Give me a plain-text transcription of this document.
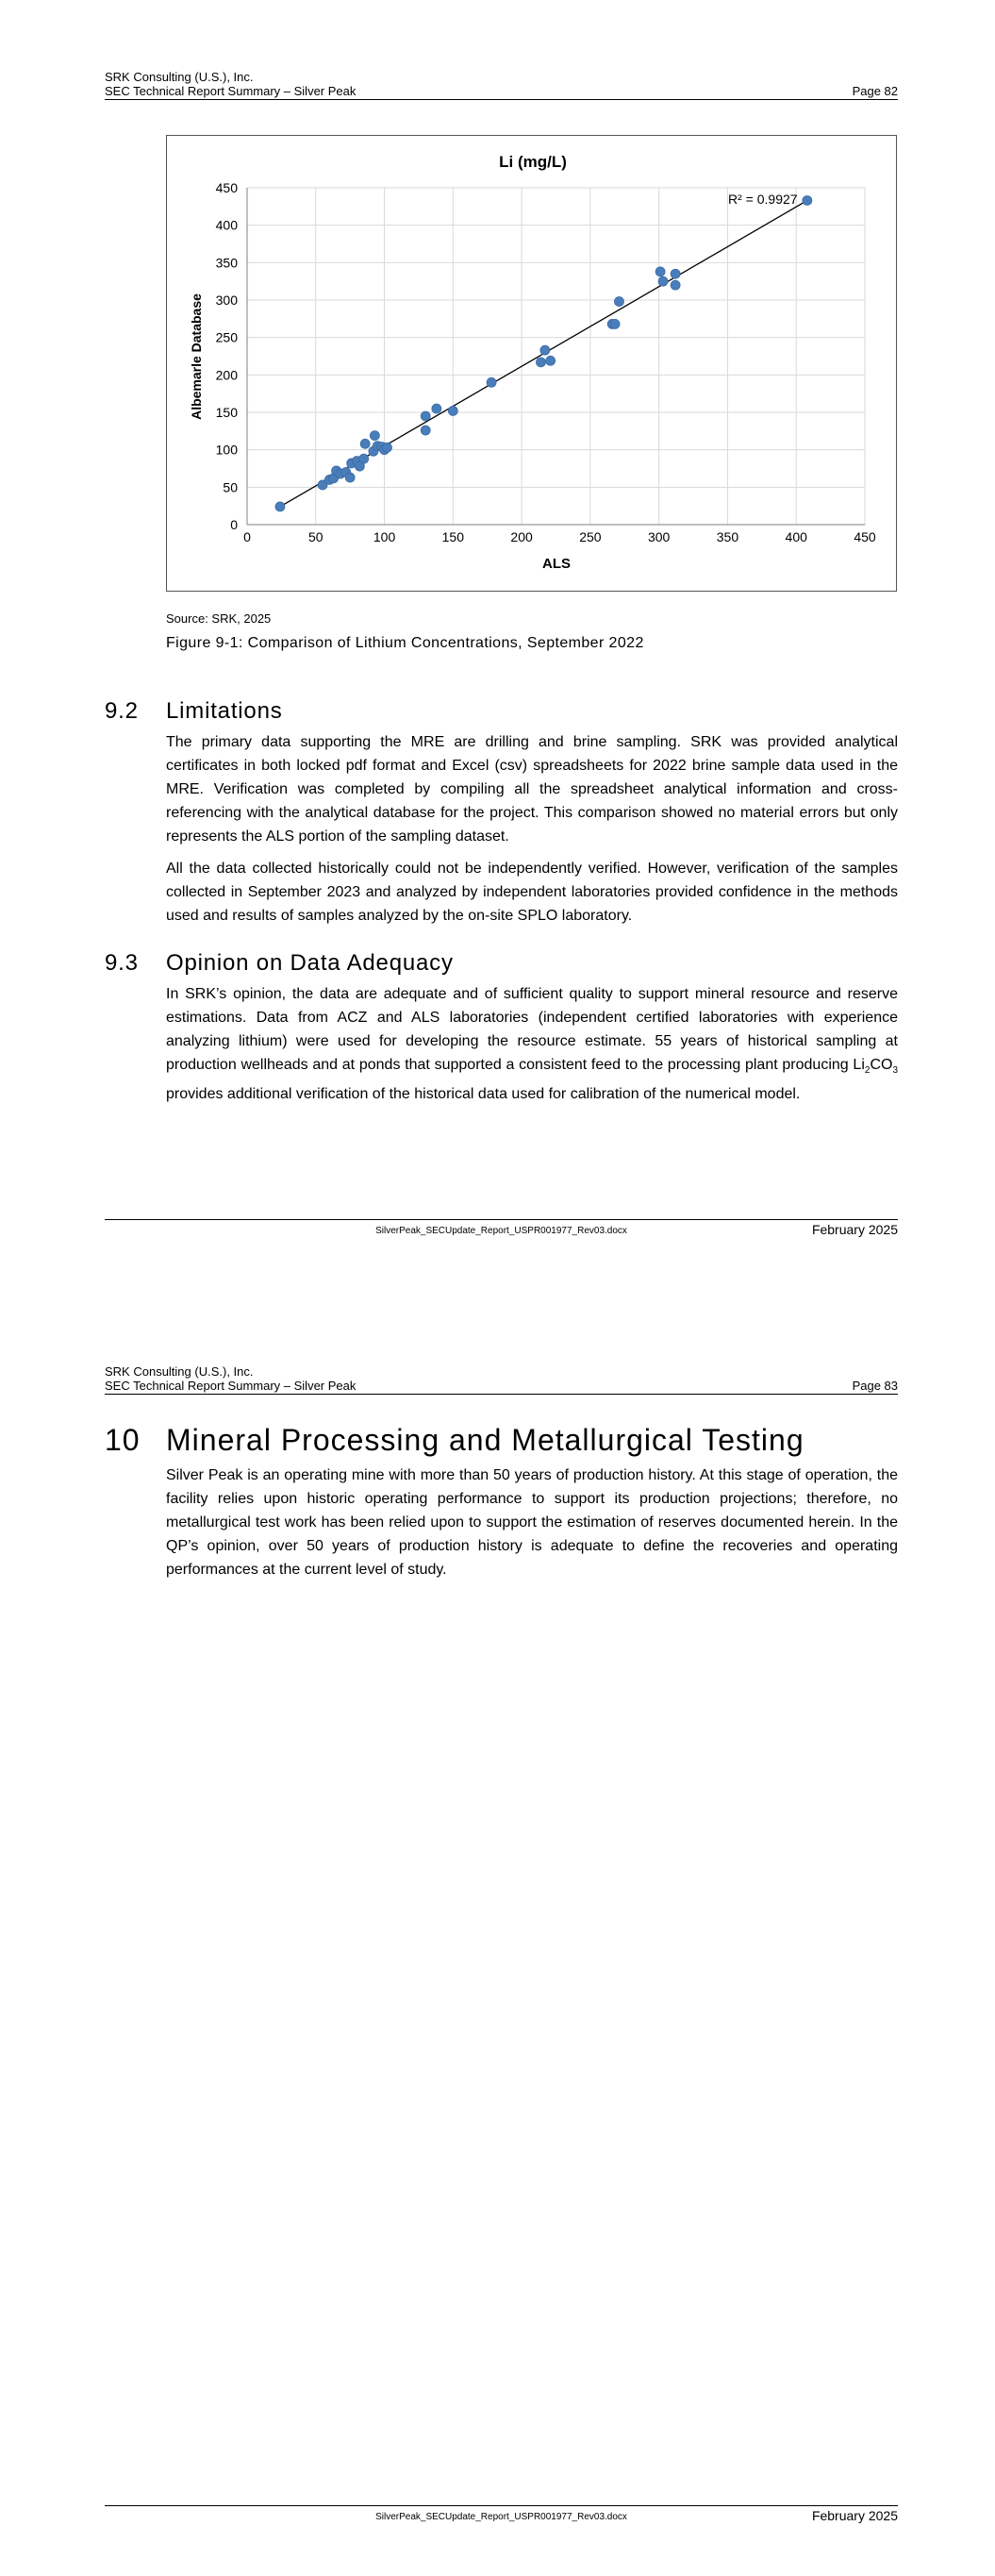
SRK Consulting (U.S.), Inc.
SEC Technical Report Summary – Silver Peak	Page 82
Li (mg/L)
0	50	100	150	200	250	300	350	400	450
0
50
100
150
200
250
300
350
400
450
R² = 0.9927
ALS
Albemarle Database
Source: SRK, 2025
Figure 9-1: Comparison of Lithium Concentrations, September 2022
9.2	Limitations

The primary data supporting the MRE are drilling and brine sampling. SRK was provided analytical certificates in both locked pdf format and Excel (csv) spreadsheets for 2022 brine sample data used in the MRE. Verification was completed by compiling all the spreadsheet analytical information and cross-referencing with the analytical database for the project. This comparison showed no material errors but only represents the ALS portion of the sampling dataset.

All the data collected historically could not be independently verified. However, verification of the samples collected in September 2023 and analyzed by independent laboratories provided confidence in the methods used and results of samples analyzed by the on-site SPLO laboratory.

9.3	Opinion on Data Adequacy

In SRK’s opinion, the data are adequate and of sufficient quality to support mineral resource and reserve estimations. Data from ACZ and ALS laboratories (independent certified laboratories with experience analyzing lithium) were used for developing the resource estimate. 55 years of historical sampling at production wellheads and at ponds that supported a consistent feed to the processing plant producing $Li_2CO_3$ provides additional verification of the historical data used for calibration of the numerical model.

SilverPeak_SECUpdate_Report_USPR001977_Rev03.docx	February 2025
SRK Consulting (U.S.), Inc.
SEC Technical Report Summary – Silver Peak	Page 83
10 Mineral Processing and Metallurgical Testing

Silver Peak is an operating mine with more than 50 years of production history. At this stage of operation, the facility relies upon historic operating performance to support its production projections; therefore, no metallurgical test work has been relied upon to support the estimation of reserves documented herein. In the QP’s opinion, over 50 years of production history is adequate to define the recoveries and operating performances at the current level of study.

SilverPeak_SECUpdate_Report_USPR001977_Rev03.docx	February 2025
